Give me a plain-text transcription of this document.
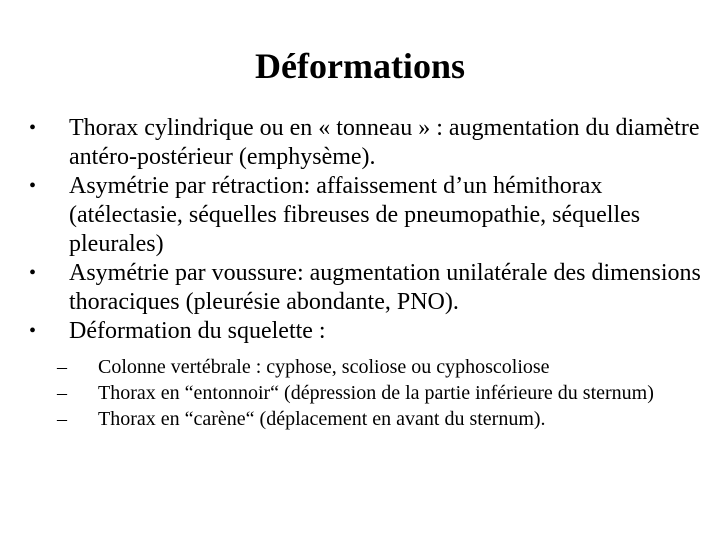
Déformations
• Thorax cylindrique ou en « tonneau » : augmentation du diamètre antéro-postérieur (emphysème).
• Asymétrie par rétraction: affaissement d’un hémithorax (atélectasie, séquelles fibreuses de pneumopathie, séquelles pleurales)
• Asymétrie par voussure: augmentation unilatérale des dimensions thoraciques (pleurésie abondante, PNO).
• Déformation du squelette :
– Colonne vertébrale : cyphose, scoliose ou cyphoscoliose
– Thorax en “entonnoir“ (dépression de la partie inférieure du sternum)
– Thorax en “carène“ (déplacement en avant du sternum).
